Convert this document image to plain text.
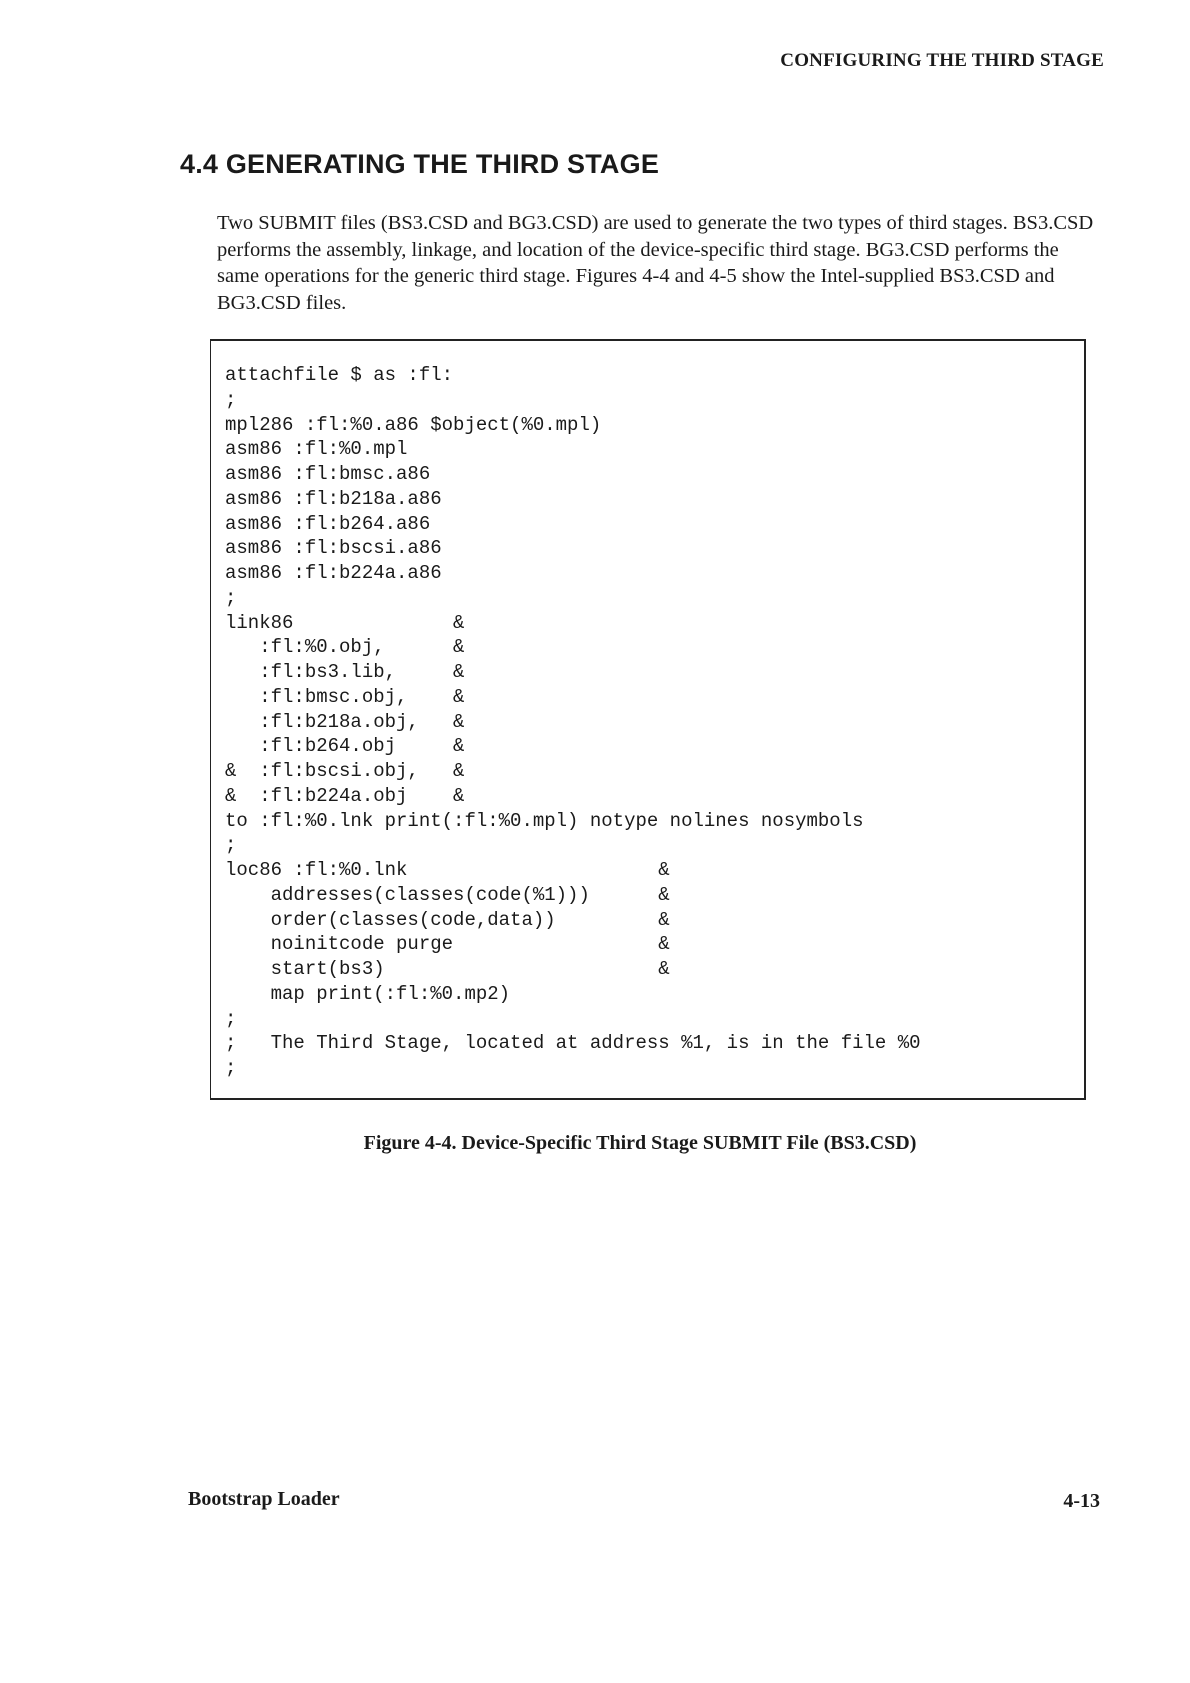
CONFIGURING THE THIRD STAGE
4.4 GENERATING THE THIRD STAGE

Two SUBMIT files (BS3.CSD and BG3.CSD) are used to generate the two types of third stages. BS3.CSD performs the assembly, linkage, and location of the device-specific third stage. BG3.CSD performs the same operations for the generic third stage. Figures 4-4 and 4-5 show the Intel-supplied BS3.CSD and BG3.CSD files.

attachfile $ as :fl:
;
mpl286 :fl:%0.a86 $object(%0.mpl)
asm86 :fl:%0.mpl
asm86 :fl:bmsc.a86
asm86 :fl:b218a.a86
asm86 :fl:b264.a86
asm86 :fl:bscsi.a86
asm86 :fl:b224a.a86
;
link86              &
:fl:%0.obj,      &
:fl:bs3.lib,     &
:fl:bmsc.obj,    &
:fl:b218a.obj,   &
:fl:b264.obj     &
&  :fl:bscsi.obj,   &
&  :fl:b224a.obj    &
to :fl:%0.lnk print(:fl:%0.mpl) notype nolines nosymbols
;
loc86 :fl:%0.lnk                      &
addresses(classes(code(%1)))      &
order(classes(code,data))         &
noinitcode purge                  &
start(bs3)                        &
map print(:fl:%0.mp2)
;
;   The Third Stage, located at address %1, is in the file %0
;

Figure 4-4. Device-Specific Third Stage SUBMIT File (BS3.CSD)

Bootstrap Loader	4-13
